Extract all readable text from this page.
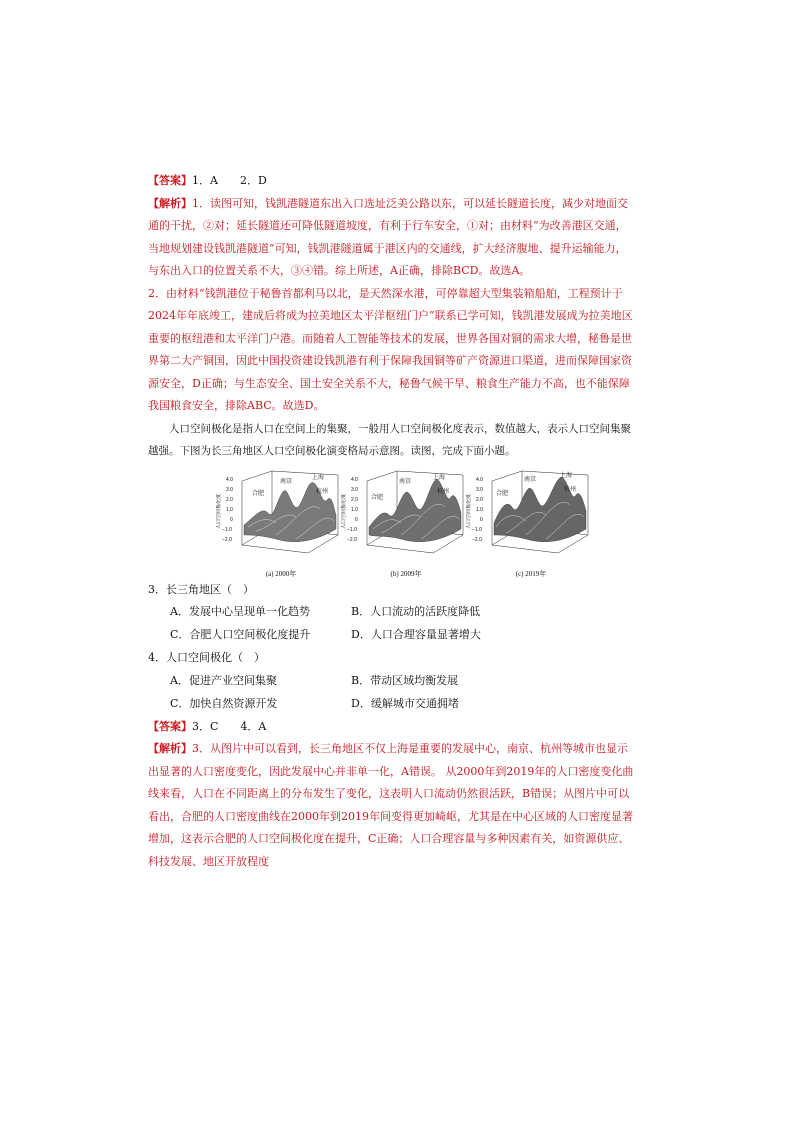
【答案】1．A　　2．D

【解析】1．读图可知，钱凯港隧道东出入口选址泛美公路以东，可以延长隧道长度，减少对地面交通的干扰，②对；延长隧道还可降低隧道坡度，有利于行车安全，①对；由材料“为改善港区交通，当地规划建设钱凯港隧道”可知，钱凯港隧道属于港区内的交通线，扩大经济腹地、提升运输能力，与东出入口的位置关系不大，③④错。综上所述，A正确，排除BCD。故选A。

2．由材料“钱凯港位于秘鲁首都利马以北，是天然深水港，可停靠超大型集装箱船舶，工程预计于2024年年底竣工，建成后将成为拉美地区太平洋枢纽门户”联系已学可知，钱凯港发展成为拉美地区重要的枢纽港和太平洋门户港。而随着人工智能等技术的发展，世界各国对铜的需求大增，秘鲁是世界第二大产铜国，因此中国投资建设钱凯港有利于保障我国铜等矿产资源进口渠道，进而保障国家资源安全，D正确；与生态安全、国土安全关系不大，秘鲁气候干旱、粮食生产能力不高，也不能保障我国粮食安全，排除ABC。故选D。

人口空间极化是指人口在空间上的集聚，一般用人口空间极化度表示，数值越大，表示人口空间集聚越强。下图为长三角地区人口空间极化演变格局示意图。读图，完成下面小题。

4.0
3.0
2.0
1.0
0
−1.0
−2.0
人口空间极化度
合肥
南京
上海
杭州
(a) 2000年
4.0
3.0
2.0
1.0
0
−1.0
−2.0
人口空间极化度	合肥
南京
上海
杭州
(b) 2009年
4.0
3.0
2.0
1.0
0
−1.0
−2.0
人口空间极化度
合肥
南京
上海
杭州
(c) 2019年

3．长三角地区（　）

A．发展中心呈现单一化趋势	B．人口流动的活跃度降低
C．合肥人口空间极化度提升	D．人口合理容量显著增大

4．人口空间极化（　）

A．促进产业空间集聚	B．带动区域均衡发展
C．加快自然资源开发	D．缓解城市交通拥堵

【答案】3．C　　4．A

【解析】3．从图片中可以看到，长三角地区不仅上海是重要的发展中心，南京、杭州等城市也显示出显著的人口密度变化，因此发展中心并非单一化，A错误。 从2000年到2019年的人口密度变化曲线来看，人口在不同距离上的分布发生了变化，这表明人口流动仍然很活跃，B错误；从图片中可以看出，合肥的人口密度曲线在2000年到2019年间变得更加崎岖，尤其是在中心区域的人口密度显著增加，这表示合肥的人口空间极化度在提升，C正确；人口合理容量与多种因素有关，如资源供应、科技发展、地区开放程度
